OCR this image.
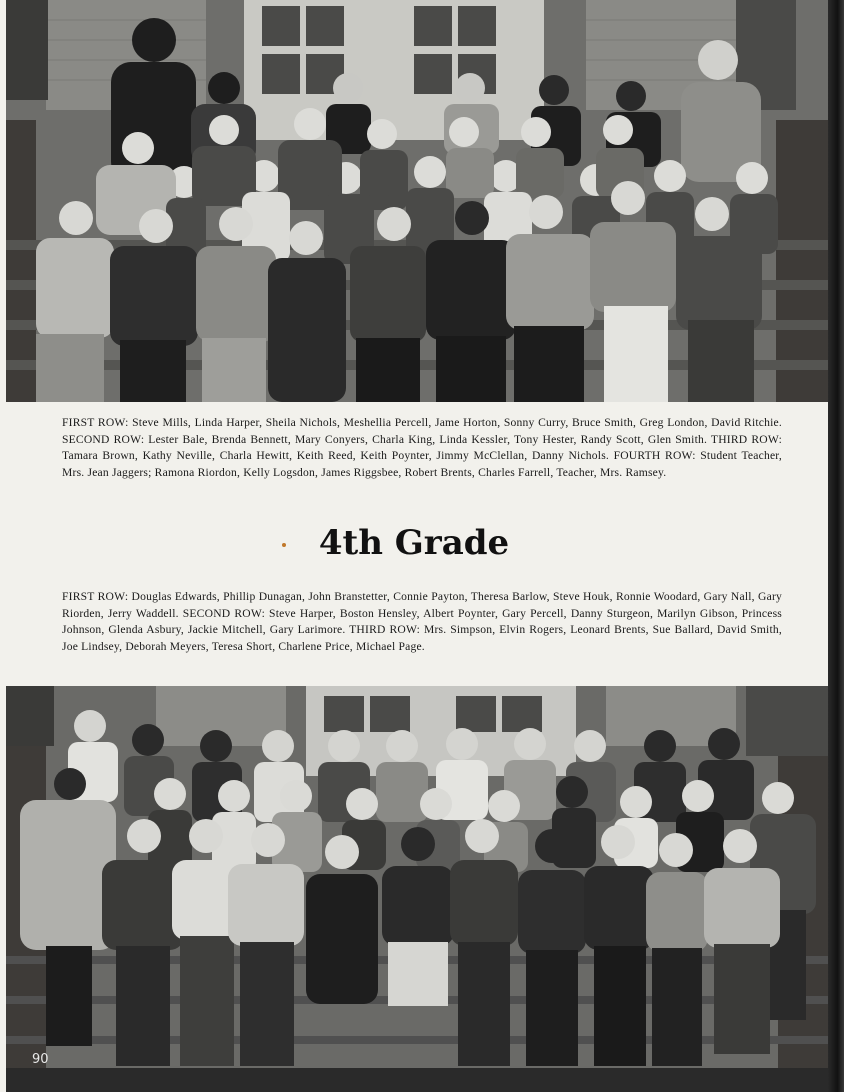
FIRST ROW: Steve Mills, Linda Harper, Sheila Nichols, Meshellia Percell, Jame Horton, Sonny Curry, Bruce Smith, Greg London, David Ritchie. SECOND ROW: Lester Bale, Brenda Bennett, Mary Conyers, Charla King, Linda Kessler, Tony Hester, Randy Scott, Glen Smith. THIRD ROW: Tamara Brown, Kathy Neville, Charla Hewitt, Keith Reed, Keith Poynter, Jimmy McClellan, Danny Nichols. FOURTH ROW: Student Teacher, Mrs. Jean Jaggers; Ramona Riordon, Kelly Logsdon, James Riggsbee, Robert Brents, Charles Farrell, Teacher, Mrs. Ramsey.
4th Grade
FIRST ROW: Douglas Edwards, Phillip Dunagan, John Branstetter, Connie Payton, Theresa Barlow, Steve Houk, Ronnie Woodard, Gary Nall, Gary Riorden, Jerry Waddell. SECOND ROW: Steve Harper, Boston Hensley, Albert Poynter, Gary Percell, Danny Sturgeon, Marilyn Gibson, Princess Johnson, Glenda Asbury, Jackie Mitchell, Gary Larimore. THIRD ROW: Mrs. Simpson, Elvin Rogers, Leonard Brents, Sue Ballard, David Smith, Joe Lindsey, Deborah Meyers, Teresa Short, Charlene Price, Michael Page.
90
